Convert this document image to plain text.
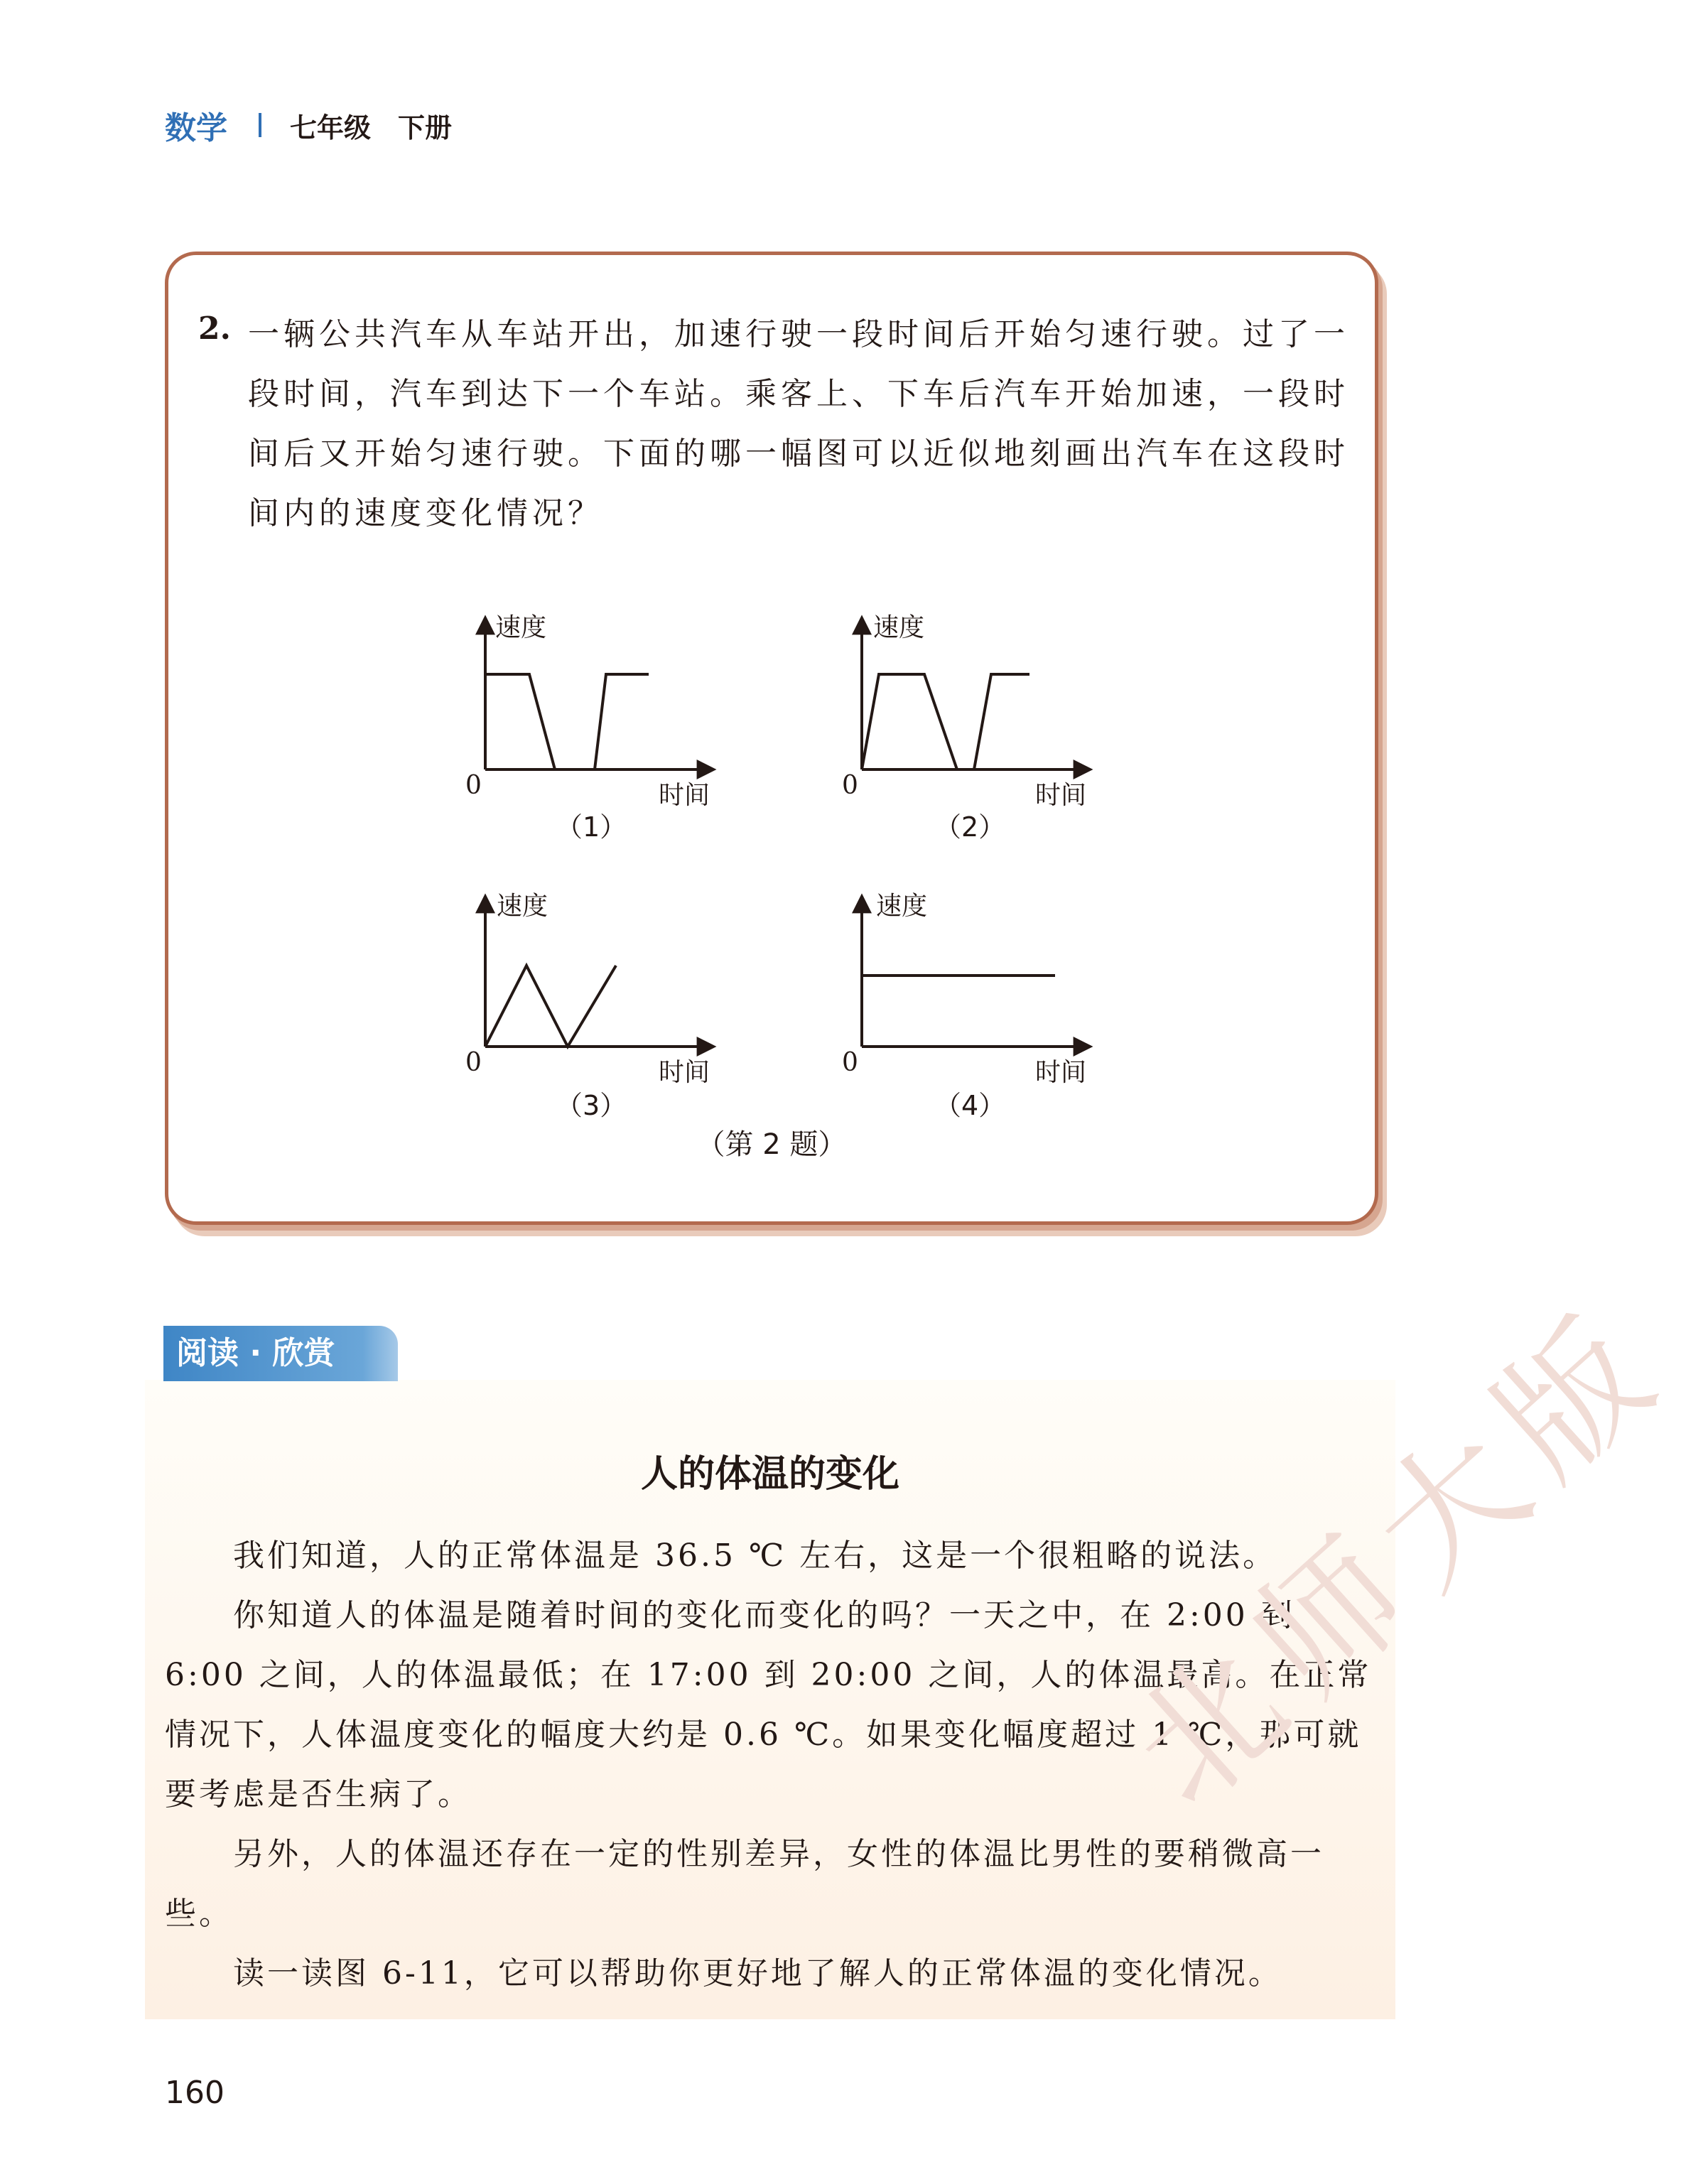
数学 七年级 下册
2. 一辆公共汽车从车站开出，加速行驶一段时间后开始匀速行驶。过了一段时间，汽车到达下一个车站。乘客上、下车后汽车开始加速，一段时间后又开始匀速行驶。下面的哪一幅图可以近似地刻画出汽车在这段时间内的速度变化情况？
速度
时间
0
（1）
速度
时间
0
（2）
速度
时间
0
（3）
速度
时间
0
（4）
（第 2 题）
阅读 · 欣赏
人的体温的变化

我们知道，人的正常体温是 36.5 ℃ 左右，这是一个很粗略的说法。

你知道人的体温是随着时间的变化而变化的吗？一天之中，在 2:00 到 6:00 之间，人的体温最低；在 17:00 到 20:00 之间，人的体温最高。在正常情况下，人体温度变化的幅度大约是 0.6 ℃。如果变化幅度超过 1 ℃，那可就要考虑是否生病了。

另外，人的体温还存在一定的性别差异，女性的体温比男性的要稍微高一些。

读一读图 6-11，它可以帮助你更好地了解人的正常体温的变化情况。

北师大版
160
